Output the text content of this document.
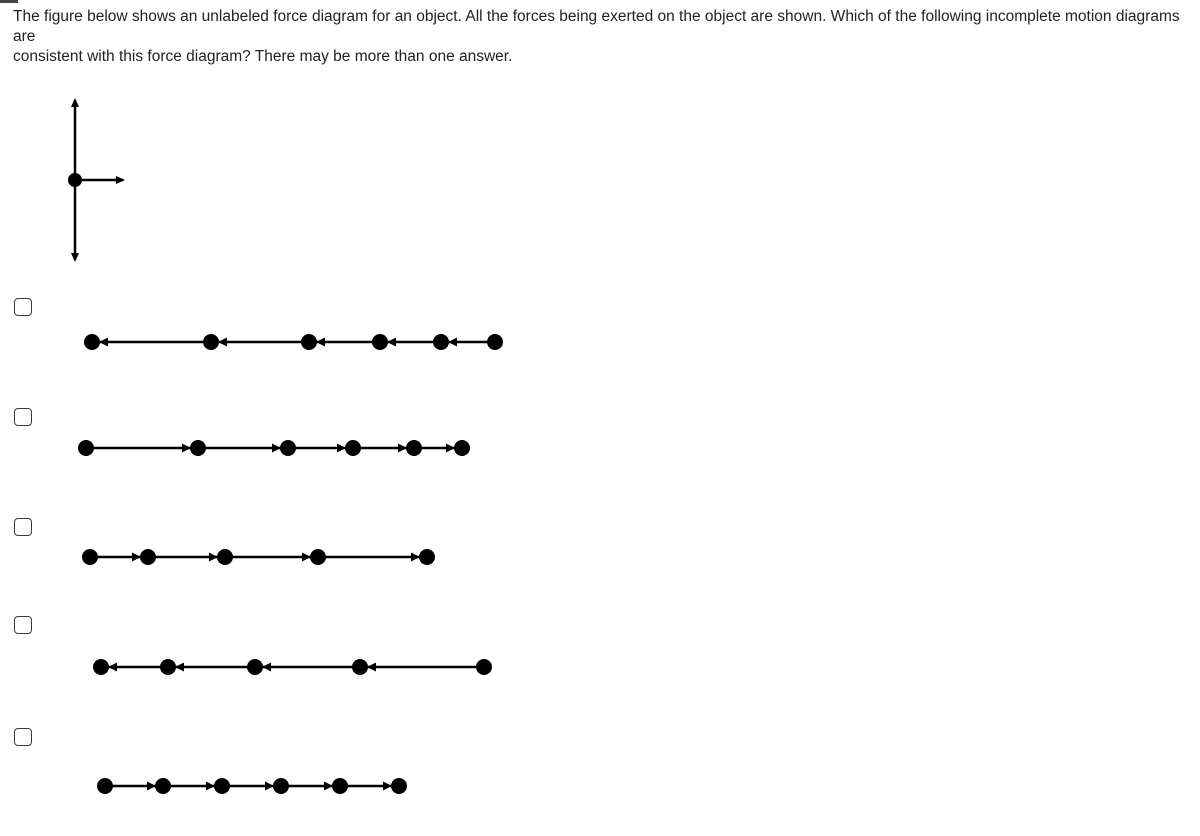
The figure below shows an unlabeled force diagram for an object. All the forces being exerted on the object are shown. Which of the following incomplete motion diagrams are
consistent with this force diagram? There may be more than one answer.
